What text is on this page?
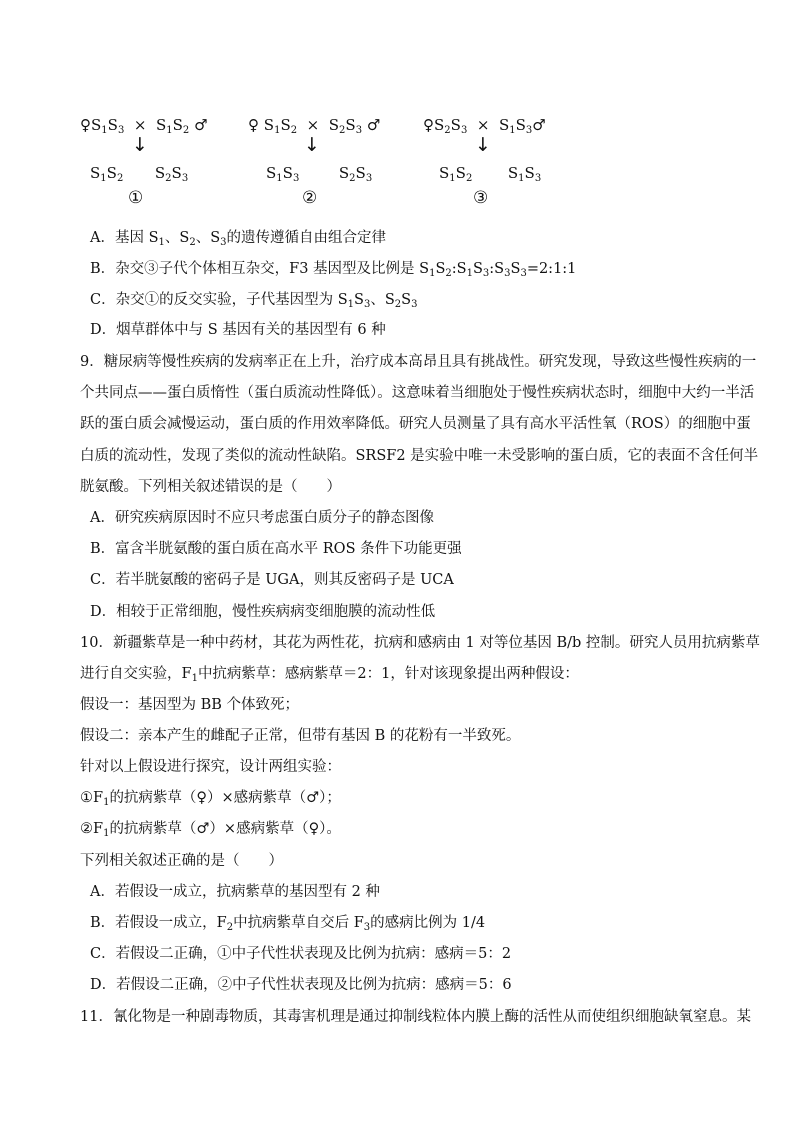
$♀S_1S_3 \times S_1S_2$ ♂
↓
$S_1S_2$ $S_2S_3$
①
♀ $S_1S_2 \times S_2S_3$ ♂
↓
$S_1S_3$	$S_2S_3$
②
$♀S_2S_3$ × $S_1S_3♂$
↓
$S_1S_2$ $S_1S_3$
③
A．基因 $S_1$、$S_2$、$S_3$的遗传遵循自由组合定律
B．杂交③子代个体相互杂交，F3 基因型及比例是 $S_1S_2:S_1S_3:S_3S_3=2:1:1$
C．杂交①的反交实验，子代基因型为 $S_1S_3$、$S_2S_3$
D．烟草群体中与 S 基因有关的基因型有 6 种
9．糖尿病等慢性疾病的发病率正在上升，治疗成本高昂且具有挑战性。研究发现，导致这些慢性疾病的一
个共同点——蛋白质惰性（蛋白质流动性降低）。这意味着当细胞处于慢性疾病状态时，细胞中大约一半活
跃的蛋白质会减慢运动，蛋白质的作用效率降低。研究人员测量了具有高水平活性氧（ROS）的细胞中蛋
白质的流动性，发现了类似的流动性缺陷。SRSF2 是实验中唯一未受影响的蛋白质，它的表面不含任何半
胱氨酸。下列相关叙述错误的是（　　）
A．研究疾病原因时不应只考虑蛋白质分子的静态图像
B．富含半胱氨酸的蛋白质在高水平 ROS 条件下功能更强
C．若半胱氨酸的密码子是 UGA，则其反密码子是 UCA
D．相较于正常细胞，慢性疾病病变细胞膜的流动性低
10．新疆紫草是一种中药材，其花为两性花，抗病和感病由 1 对等位基因 B/b 控制。研究人员用抗病紫草
进行自交实验，$F_1$中抗病紫草：感病紫草＝2：1，针对该现象提出两种假设：
假设一：基因型为 BB 个体致死；
假设二：亲本产生的雌配子正常，但带有基因 B 的花粉有一半致死。
针对以上假设进行探究，设计两组实验：
$①F_1$的抗病紫草（♀）×感病紫草（♂）；
$②F_1$的抗病紫草（♂）×感病紫草（♀）。
下列相关叙述正确的是（　　）
A．若假设一成立，抗病紫草的基因型有 2 种
B．若假设一成立，$F_2$中抗病紫草自交后 $F_3$的感病比例为 1/4
C．若假设二正确，①中子代性状表现及比例为抗病：感病＝5：2
D．若假设二正确，②中子代性状表现及比例为抗病：感病＝5：6
11．氰化物是一种剧毒物质，其毒害机理是通过抑制线粒体内膜上酶的活性从而使组织细胞缺氧窒息。某
